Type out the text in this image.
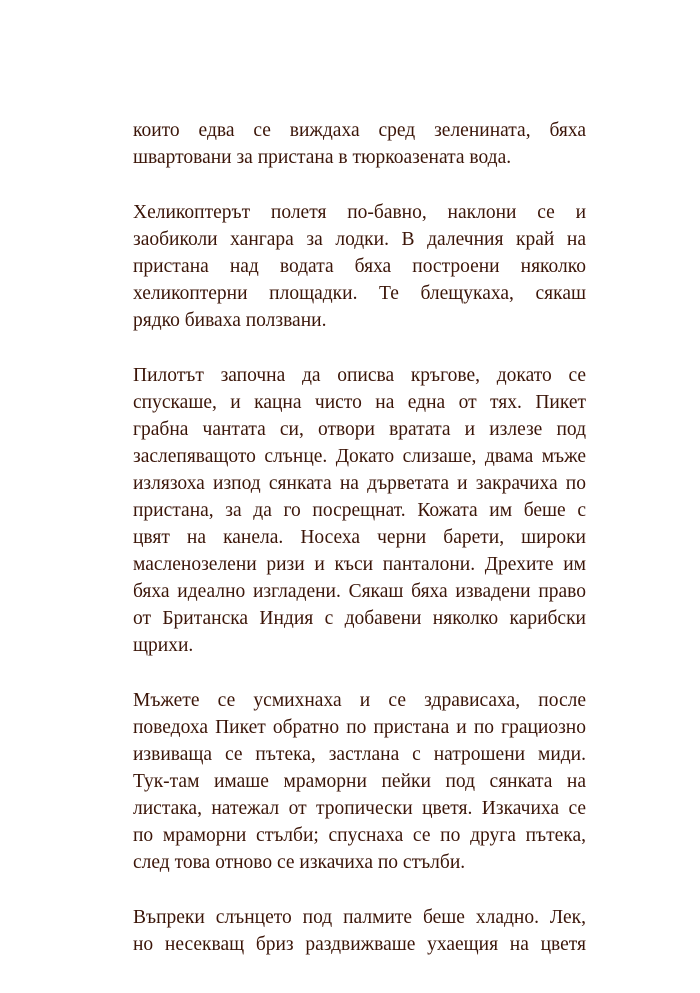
които едва се виждаха сред зеленината, бяха
швартовани за пристана в тюркоазената вода.
Хеликоптерът полетя по-бавно, наклони се и
заобиколи хангара за лодки. В далечния край на
пристана над водата бяха построени няколко
хеликоптерни площадки. Те блещукаха, сякаш
рядко биваха ползвани.
Пилотът започна да описва кръгове, докато се
спускаше, и кацна чисто на една от тях. Пикет
грабна чантата си, отвори вратата и излезе под
заслепяващото слънце. Докато слизаше, двама мъже
излязоха изпод сянката на дърветата и закрачиха по
пристана, за да го посрещнат. Кожата им беше с
цвят на канела. Носеха черни барети, широки
масленозелени ризи и къси панталони. Дрехите им
бяха идеално изгладени. Сякаш бяха извадени право
от Британска Индия с добавени няколко карибски
щрихи.
Мъжете се усмихнаха и се здрависаха, после
поведоха Пикет обратно по пристана и по грациозно
извиваща се пътека, застлана с натрошени миди.
Тук-там имаше мраморни пейки под сянката на
листака, натежал от тропически цветя. Изкачиха се
по мраморни стълби; спуснаха се по друга пътека,
след това отново се изкачиха по стълби.
Въпреки слънцето под палмите беше хладно. Лек,
но несекващ бриз раздвижваше ухаещия на цветя
